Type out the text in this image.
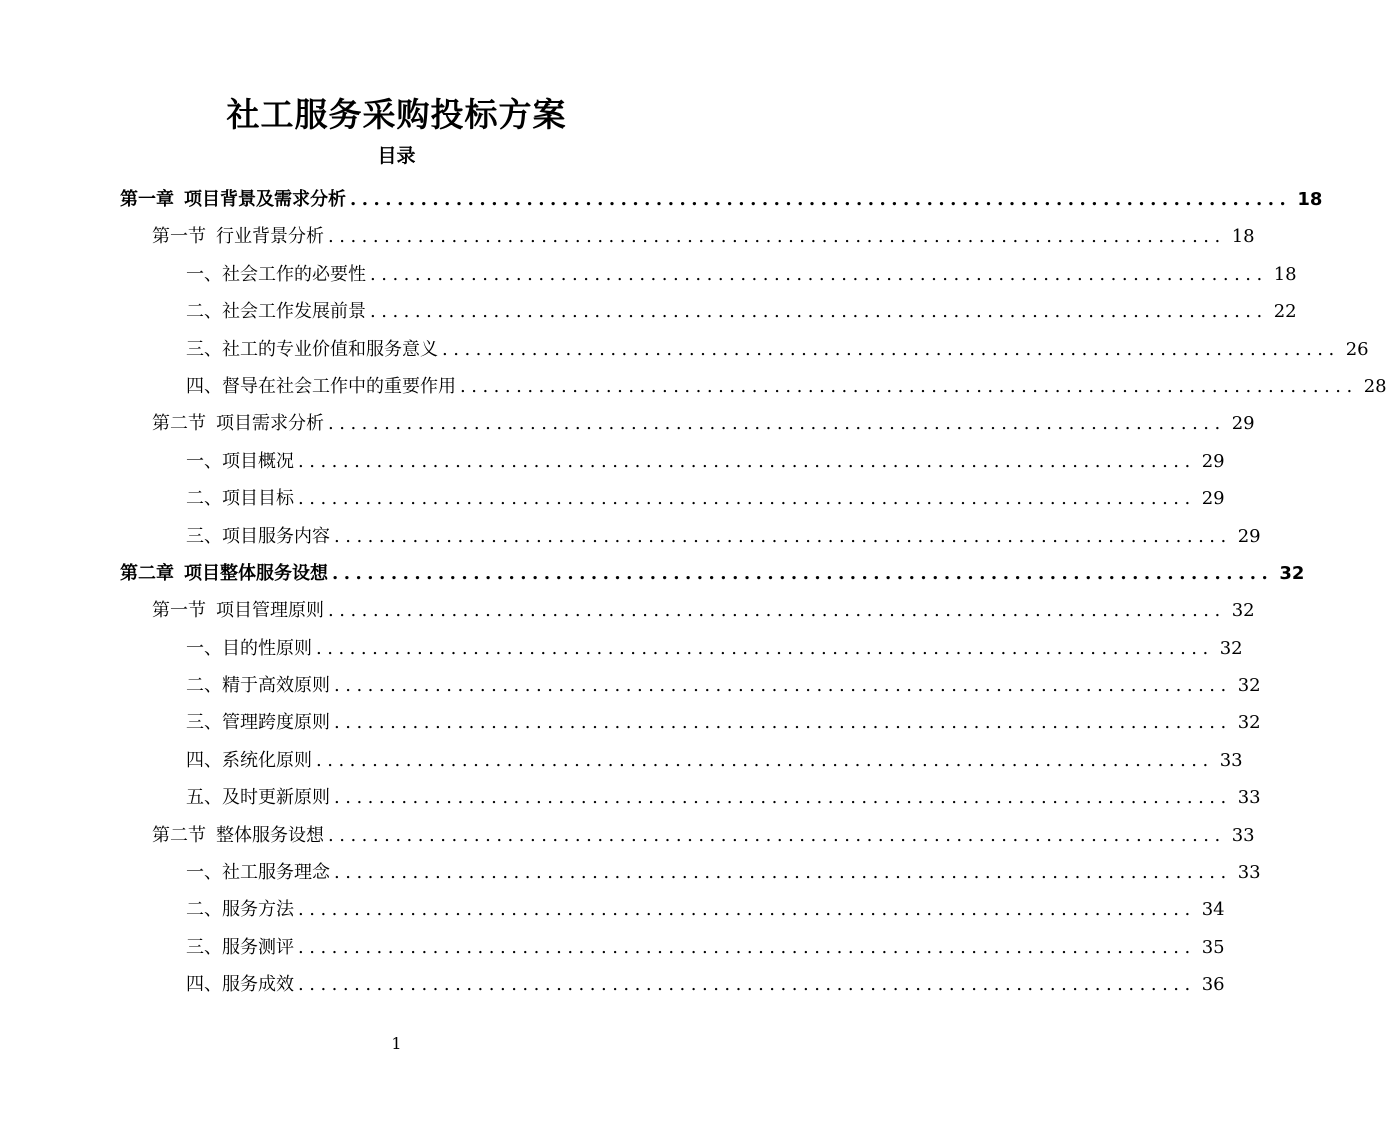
社工服务采购投标方案
目录
第一章 项目背景及需求分析 ................................................................................ 18
第一节 行业背景分析 ................................................................................ 18
一、社会工作的必要性 ................................................................................ 18
二、社会工作发展前景 ................................................................................ 22
三、社工的专业价值和服务意义 ................................................................................ 26
四、督导在社会工作中的重要作用 ................................................................................ 28
第二节 项目需求分析 ................................................................................ 29
一、项目概况 ................................................................................ 29
二、项目目标 ................................................................................ 29
三、项目服务内容 ................................................................................ 29
第二章 项目整体服务设想 ................................................................................ 32
第一节 项目管理原则 ................................................................................ 32
一、目的性原则 ................................................................................ 32
二、精于高效原则 ................................................................................ 32
三、管理跨度原则 ................................................................................ 32
四、系统化原则 ................................................................................ 33
五、及时更新原则 ................................................................................ 33
第二节 整体服务设想 ................................................................................ 33
一、社工服务理念 ................................................................................ 33
二、服务方法 ................................................................................ 34
三、服务测评 ................................................................................ 35
四、服务成效 ................................................................................ 36
1
